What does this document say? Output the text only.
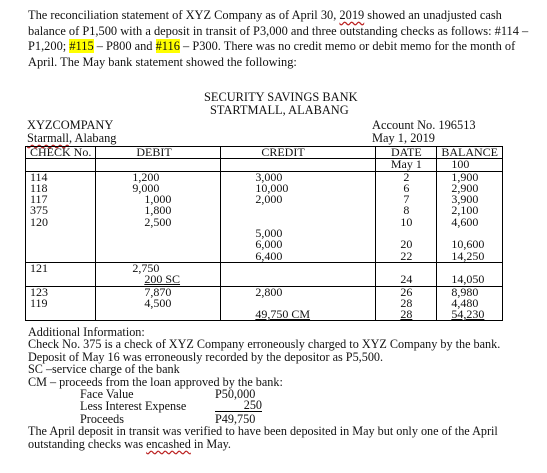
The reconciliation statement of XYZ Company as of April 30, 2019 showed an unadjusted cash balance of P1,500 with a deposit in transit of P3,000 and three outstanding checks as follows: #114 – P1,200; #115 – P800 and #116 – P300. There was no credit memo or debit memo for the month of April. The May bank statement showed the following:
SECURITY SAVINGS BANK
STARTMALL, ALABANG
XYZCOMPANY
Starmall, Alabang
Account No. 196513
May 1, 2019
CHECK No.	DEBIT	CREDIT	DATE	BALANCE
			May 1	100
114	1,200	3,000	2	1,900
118	9,000	10,000	6	2,900
117	1,000	2,000	7	3,900
375	1,800		8	2,100
120	2,500		10	4,600
		5,000		
		6,000	20	10,600
		6,400	22	14,250
121	2,750			
	200 SC		24	14,050
123	7,870	2,800	26	8,980
119	4,500		28	4,480
		49,750 CM	28	54,230
Additional Information:
Check No. 375 is a check of XYZ Company erroneously charged to XYZ Company by the bank.
Deposit of May 16 was erroneously recorded by the depositor as P5,500.
SC –service charge of the bank
CM – proceeds from the loan approved by the bank:
Face Value	P50,000
Less Interest Expense	250
Proceeds	P49,750
The April deposit in transit was verified to have been deposited in May but only one of the April
outstanding checks was encashed in May.
